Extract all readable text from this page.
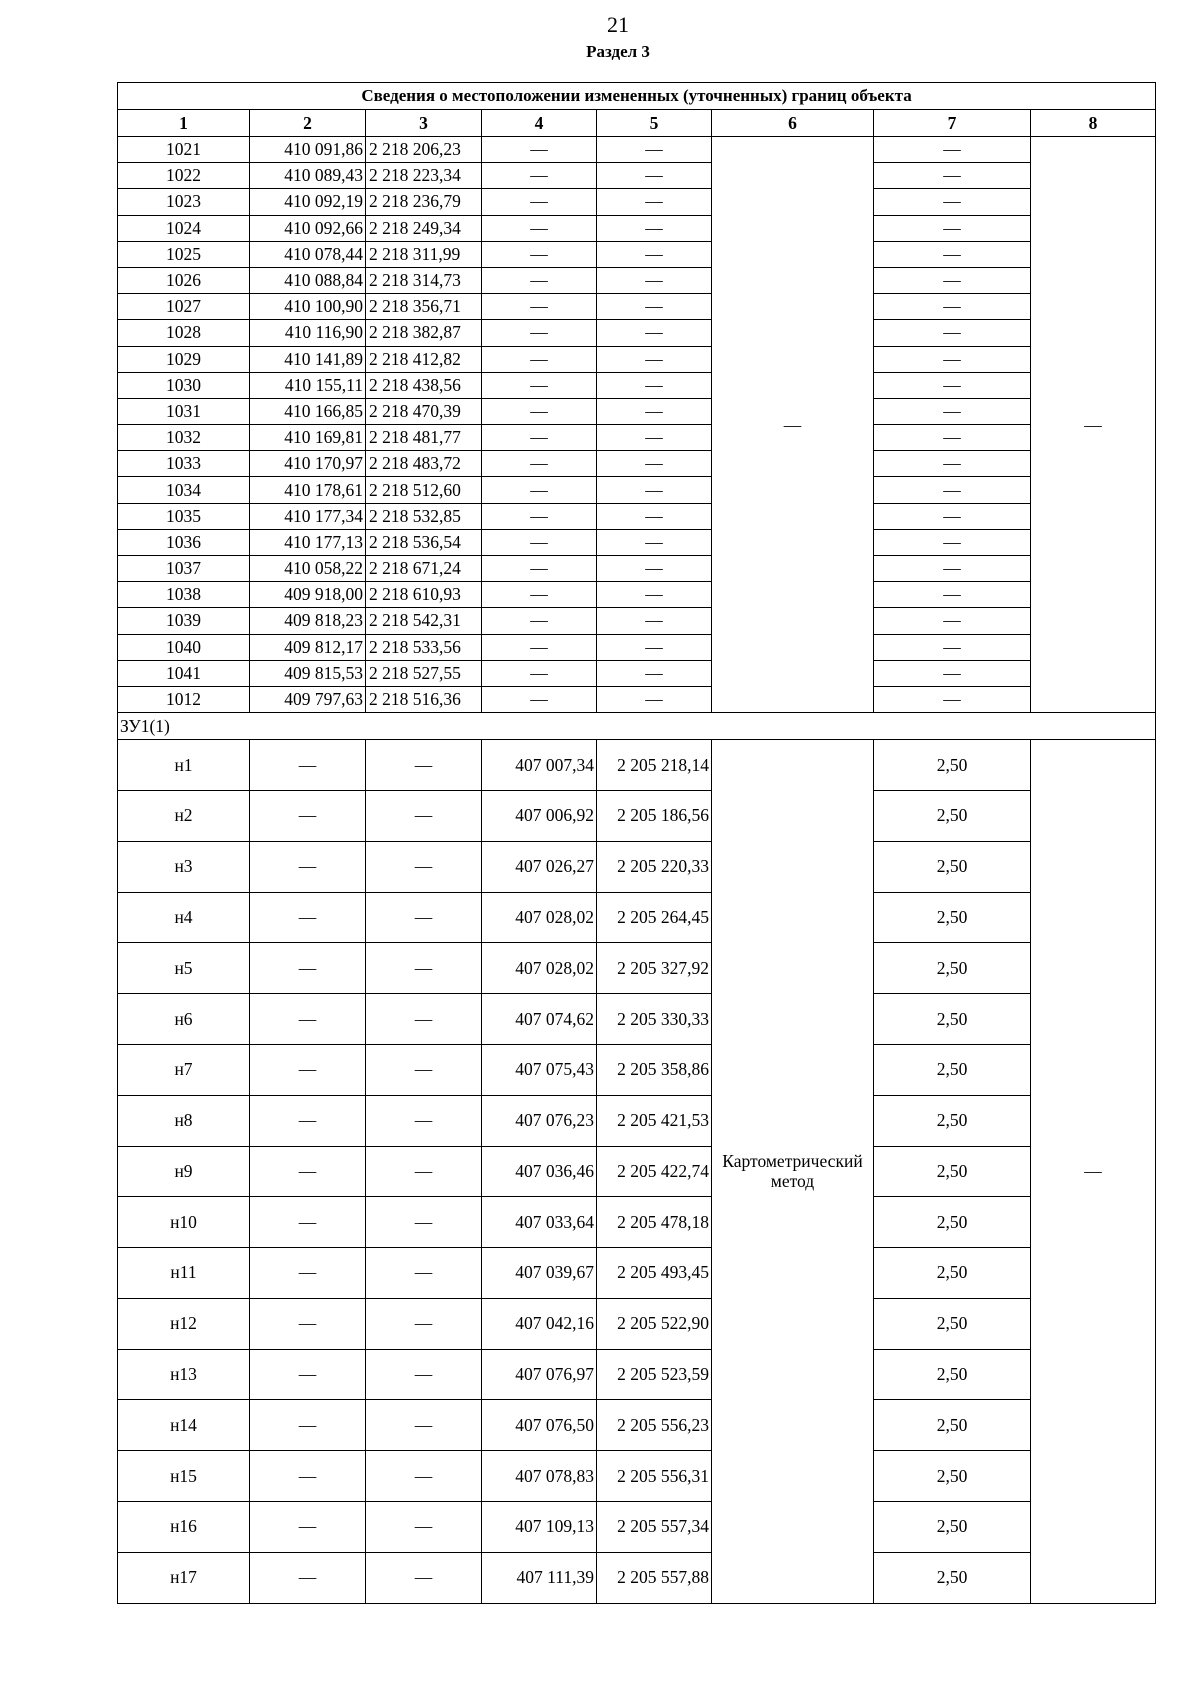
21
Раздел 3
Сведения о местоположении измененных (уточненных) границ объекта							
1	2	3	4	5	6	7	8
1021	410 091,86	2 218 206,23	—	—	—	—	—
1022	410 089,43	2 218 223,34	—	—		—	
1023	410 092,19	2 218 236,79	—	—		—	
1024	410 092,66	2 218 249,34	—	—		—	
1025	410 078,44	2 218 311,99	—	—		—	
1026	410 088,84	2 218 314,73	—	—		—	
1027	410 100,90	2 218 356,71	—	—		—	
1028	410 116,90	2 218 382,87	—	—		—	
1029	410 141,89	2 218 412,82	—	—		—	
1030	410 155,11	2 218 438,56	—	—		—	
1031	410 166,85	2 218 470,39	—	—		—	
1032	410 169,81	2 218 481,77	—	—		—	
1033	410 170,97	2 218 483,72	—	—		—	
1034	410 178,61	2 218 512,60	—	—		—	
1035	410 177,34	2 218 532,85	—	—		—	
1036	410 177,13	2 218 536,54	—	—		—	
1037	410 058,22	2 218 671,24	—	—		—	
1038	409 918,00	2 218 610,93	—	—		—	
1039	409 818,23	2 218 542,31	—	—		—	
1040	409 812,17	2 218 533,56	—	—		—	
1041	409 815,53	2 218 527,55	—	—		—	
1012	409 797,63	2 218 516,36	—	—		—	
ЗУ1(1)							
н1	—	—	407 007,34	2 205 218,14	Картометрический метод	2,50	—
н2	—	—	407 006,92	2 205 186,56		2,50	
н3	—	—	407 026,27	2 205 220,33		2,50	
н4	—	—	407 028,02	2 205 264,45		2,50	
н5	—	—	407 028,02	2 205 327,92		2,50	
н6	—	—	407 074,62	2 205 330,33		2,50	
н7	—	—	407 075,43	2 205 358,86		2,50	
н8	—	—	407 076,23	2 205 421,53		2,50	
н9	—	—	407 036,46	2 205 422,74		2,50	
н10	—	—	407 033,64	2 205 478,18		2,50	
н11	—	—	407 039,67	2 205 493,45		2,50	
н12	—	—	407 042,16	2 205 522,90		2,50	
н13	—	—	407 076,97	2 205 523,59		2,50	
н14	—	—	407 076,50	2 205 556,23		2,50	
н15	—	—	407 078,83	2 205 556,31		2,50	
н16	—	—	407 109,13	2 205 557,34		2,50	
н17	—	—	407 111,39	2 205 557,88		2,50	
